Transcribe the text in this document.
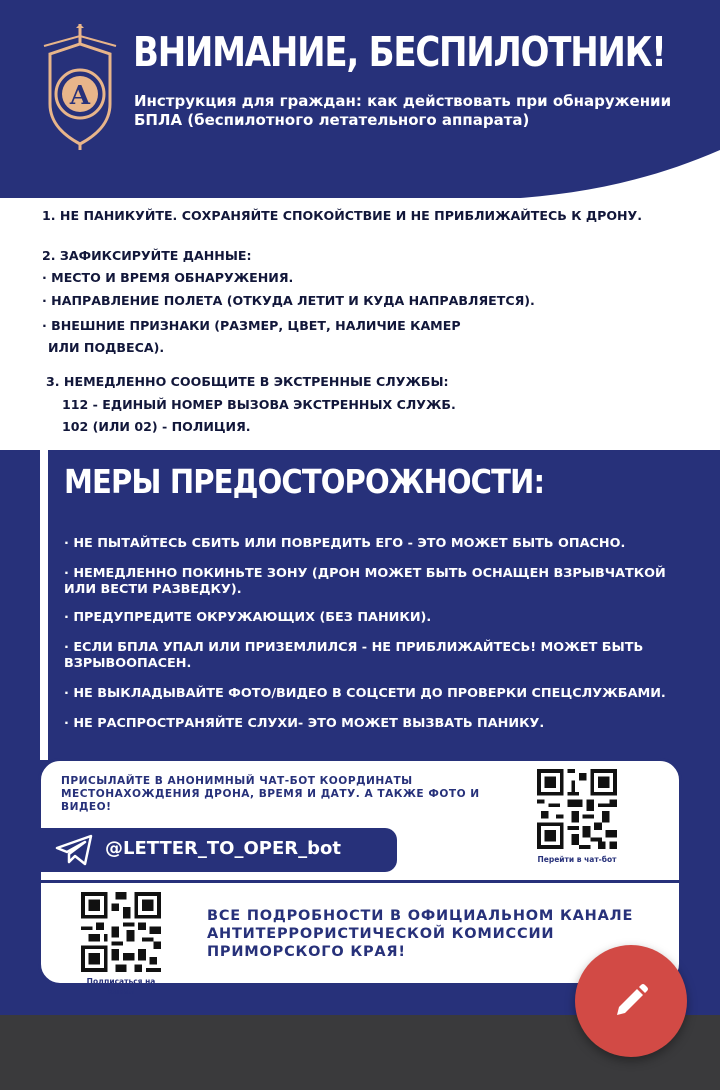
А
ВНИМАНИЕ, БЕСПИЛОТНИК!
Инструкция для граждан: как действовать при обнаружении БПЛА (беспилотного летательного аппарата)
1. НЕ ПАНИКУЙТЕ. СОХРАНЯЙТЕ СПОКОЙСТВИЕ И НЕ ПРИБЛИЖАЙТЕСЬ К ДРОНУ.
2. ЗАФИКСИРУЙТЕ ДАННЫЕ:
· МЕСТО И ВРЕМЯ ОБНАРУЖЕНИЯ.
· НАПРАВЛЕНИЕ ПОЛЕТА (ОТКУДА ЛЕТИТ И КУДА НАПРАВЛЯЕТСЯ).
· ВНЕШНИЕ ПРИЗНАКИ (РАЗМЕР, ЦВЕТ, НАЛИЧИЕ КАМЕР
ИЛИ ПОДВЕСА).
3. НЕМЕДЛЕННО СООБЩИТЕ В ЭКСТРЕННЫЕ СЛУЖБЫ:
112 - ЕДИНЫЙ НОМЕР ВЫЗОВА ЭКСТРЕННЫХ СЛУЖБ.
102 (ИЛИ 02) - ПОЛИЦИЯ.
МЕРЫ ПРЕДОСТОРОЖНОСТИ:
· НЕ ПЫТАЙТЕСЬ СБИТЬ ИЛИ ПОВРЕДИТЬ ЕГО - ЭТО МОЖЕТ БЫТЬ ОПАСНО.
· НЕМЕДЛЕННО ПОКИНЬТЕ ЗОНУ (ДРОН МОЖЕТ БЫТЬ ОСНАЩЕН ВЗРЫВЧАТКОЙ ИЛИ ВЕСТИ РАЗВЕДКУ).
· ПРЕДУПРЕДИТЕ ОКРУЖАЮЩИХ (БЕЗ ПАНИКИ).
· ЕСЛИ БПЛА УПАЛ ИЛИ ПРИЗЕМЛИЛСЯ - НЕ ПРИБЛИЖАЙТЕСЬ! МОЖЕТ БЫТЬ ВЗРЫВООПАСЕН.
· НЕ ВЫКЛАДЫВАЙТЕ ФОТО/ВИДЕО В СОЦСЕТИ ДО ПРОВЕРКИ СПЕЦСЛУЖБАМИ.
· НЕ РАСПРОСТРАНЯЙТЕ СЛУХИ- ЭТО МОЖЕТ ВЫЗВАТЬ ПАНИКУ.
ПРИСЫЛАЙТЕ В АНОНИМНЫЙ ЧАТ-БОТ КООРДИНАТЫ МЕСТОНАХОЖДЕНИЯ ДРОНА, ВРЕМЯ И ДАТУ. А ТАКЖЕ ФОТО И ВИДЕО!
@LETTER_TO_OPER_bot
Перейти в чат-бот
Подписаться на канал
ВСЕ ПОДРОБНОСТИ В ОФИЦИАЛЬНОМ КАНАЛЕ АНТИТЕРРОРИСТИЧЕСКОЙ КОМИССИИ ПРИМОРСКОГО КРАЯ!
